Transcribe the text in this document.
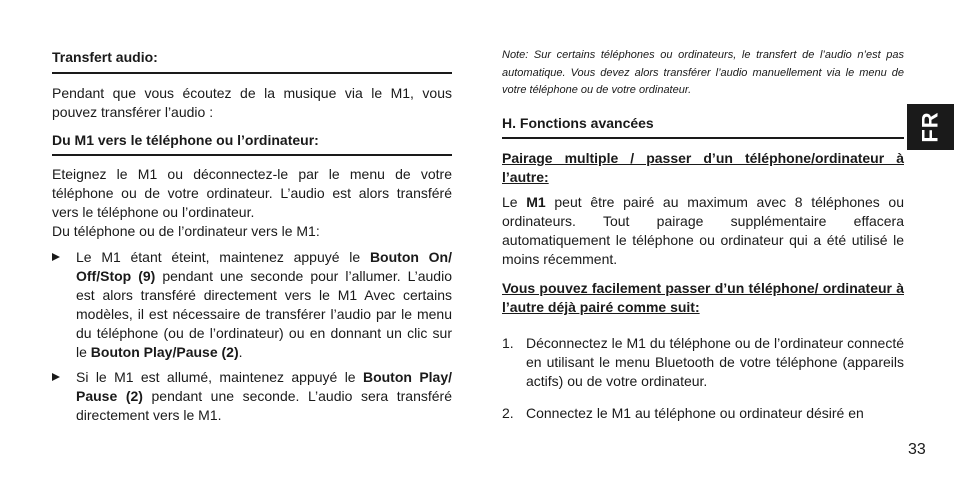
Transfert audio:

Pendant que vous écoutez de la musique via le M1, vous pouvez transférer l’audio :

Du M1 vers le téléphone ou l’ordinateur:

Eteignez le M1 ou déconnectez-le par le menu de votre téléphone ou de votre ordinateur. L’audio est alors transféré vers le téléphone ou l’ordinateur.

Du téléphone ou de l’ordinateur vers le M1:

Le M1 étant éteint, maintenez appuyé le Bouton On/ Off/Stop (9) pendant une seconde pour l’allumer. L’audio est alors transféré directement vers le M1 Avec certains modèles, il est nécessaire de transférer l’audio par le menu du téléphone (ou de l’ordinateur) ou en donnant un clic sur le Bouton Play/Pause (2).
Si le M1 est allumé, maintenez appuyé le Bouton Play/ Pause (2) pendant une seconde. L’audio sera transféré directement vers le M1.

Note: Sur certains téléphones ou ordinateurs, le transfert de l’audio n’est pas automatique. Vous devez alors transférer l’audio manuellement via le menu de votre téléphone ou de votre ordinateur.

H. Fonctions avancées

Pairage multiple / passer d’un téléphone/ordinateur à l’autre:

Le M1 peut être pairé au maximum avec 8 téléphones ou ordinateurs. Tout pairage supplémentaire effacera automatiquement le téléphone ou ordinateur qui a été utilisé le moins récemment.

Vous pouvez facilement passer d’un téléphone/ ordinateur à l’autre déjà pairé comme suit:

1. Déconnectez le M1 du téléphone ou de l’ordinateur connecté en utilisant le menu Bluetooth de votre téléphone (appareils actifs) ou de votre ordinateur.
2. Connectez le M1 au téléphone ou ordinateur désiré en
FR
33
